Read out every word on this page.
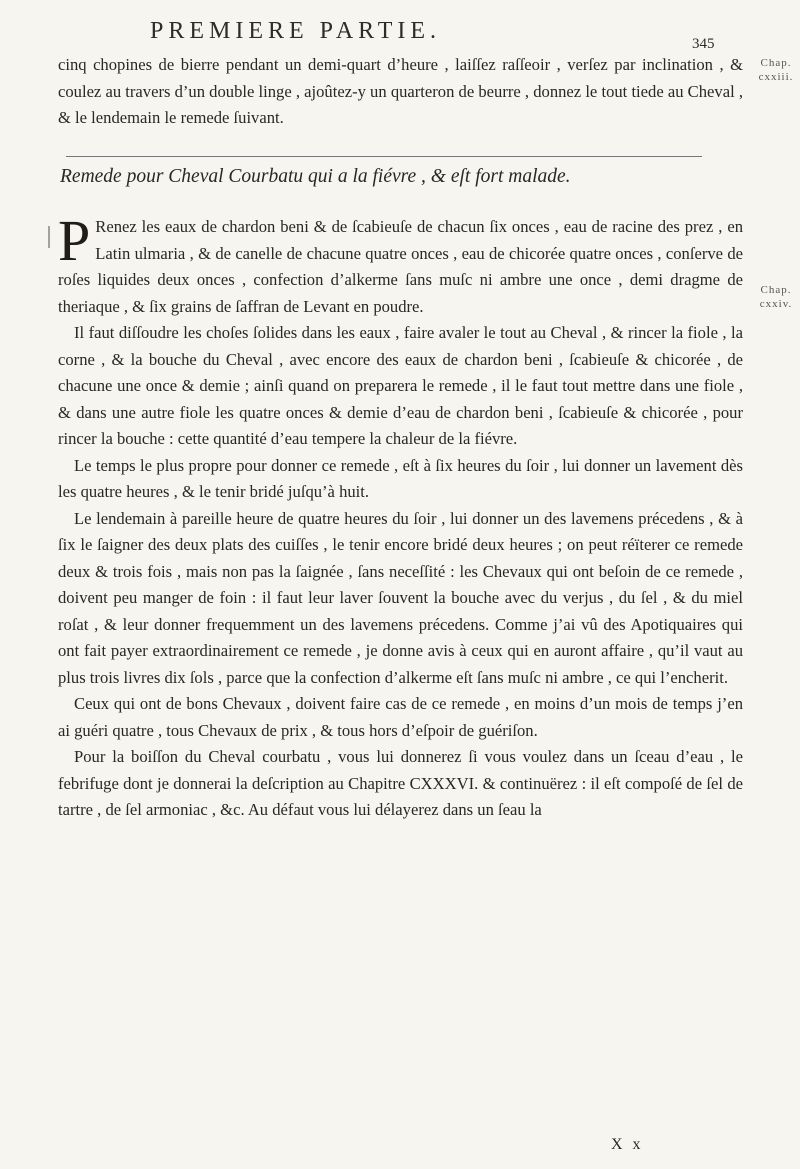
PREMIERE PARTIE.	345
Chap. cxxiii.
Chap. cxxiv.

cinq chopines de bierre pendant un demi-quart d’heure , laiſſez raſſeoir , verſez par inclination , & coulez au travers d’un double linge , ajoûtez-y un quarteron de beurre , donnez le tout tiede au Cheval , & le lendemain le remede ſuivant.

Remede pour Cheval Courbatu qui a la fiévre , & eſt fort malade.

P Renez les eaux de chardon beni & de ſcabieuſe de chacun ſix onces , eau de racine des prez , en Latin ulmaria , & de canelle de chacune quatre onces , eau de chicorée quatre onces , conſerve de roſes liquides deux onces , confection d’alkerme ſans muſc ni ambre une once , demi dragme de theriaque , & ſix grains de ſaffran de Levant en poudre.

Il faut diſſoudre les choſes ſolides dans les eaux , faire avaler le tout au Cheval , & rincer la fiole , la corne , & la bouche du Cheval , avec encore des eaux de chardon beni , ſcabieuſe & chicorée , de chacune une once & demie ; ainſi quand on preparera le remede , il le faut tout mettre dans une fiole , & dans une autre fiole les quatre onces & demie d’eau de chardon beni , ſcabieuſe & chicorée , pour rincer la bouche : cette quantité d’eau tempere la chaleur de la fiévre.

Le temps le plus propre pour donner ce remede , eſt à ſix heures du ſoir , lui donner un lavement dès les quatre heures , & le tenir bridé juſqu’à huit.

Le lendemain à pareille heure de quatre heures du ſoir , lui donner un des lavemens précedens , & à ſix le ſaigner des deux plats des cuiſſes , le tenir encore bridé deux heures ; on peut réïterer ce remede deux & trois fois , mais non pas la ſaignée , ſans neceſſité : les Chevaux qui ont beſoin de ce remede , doivent peu manger de foin : il faut leur laver ſouvent la bouche avec du verjus , du ſel , & du miel roſat , & leur donner frequemment un des lavemens précedens. Comme j’ai vû des Apotiquaires qui ont fait payer extraordinairement ce remede , je donne avis à ceux qui en auront affaire , qu’il vaut au plus trois livres dix ſols , parce que la confection d’alkerme eſt ſans muſc ni ambre , ce qui l’encherit.

Ceux qui ont de bons Chevaux , doivent faire cas de ce remede , en moins d’un mois de temps j’en ai guéri quatre , tous Chevaux de prix , & tous hors d’eſpoir de guériſon.

Pour la boiſſon du Cheval courbatu , vous lui donnerez ſi vous voulez dans un ſceau d’eau , le febrifuge dont je donnerai la deſcription au Chapitre CXXXVI. & continuërez : il eſt compoſé de ſel de tartre , de ſel armoniac , &c. Au défaut vous lui délayerez dans un ſeau la

X x
